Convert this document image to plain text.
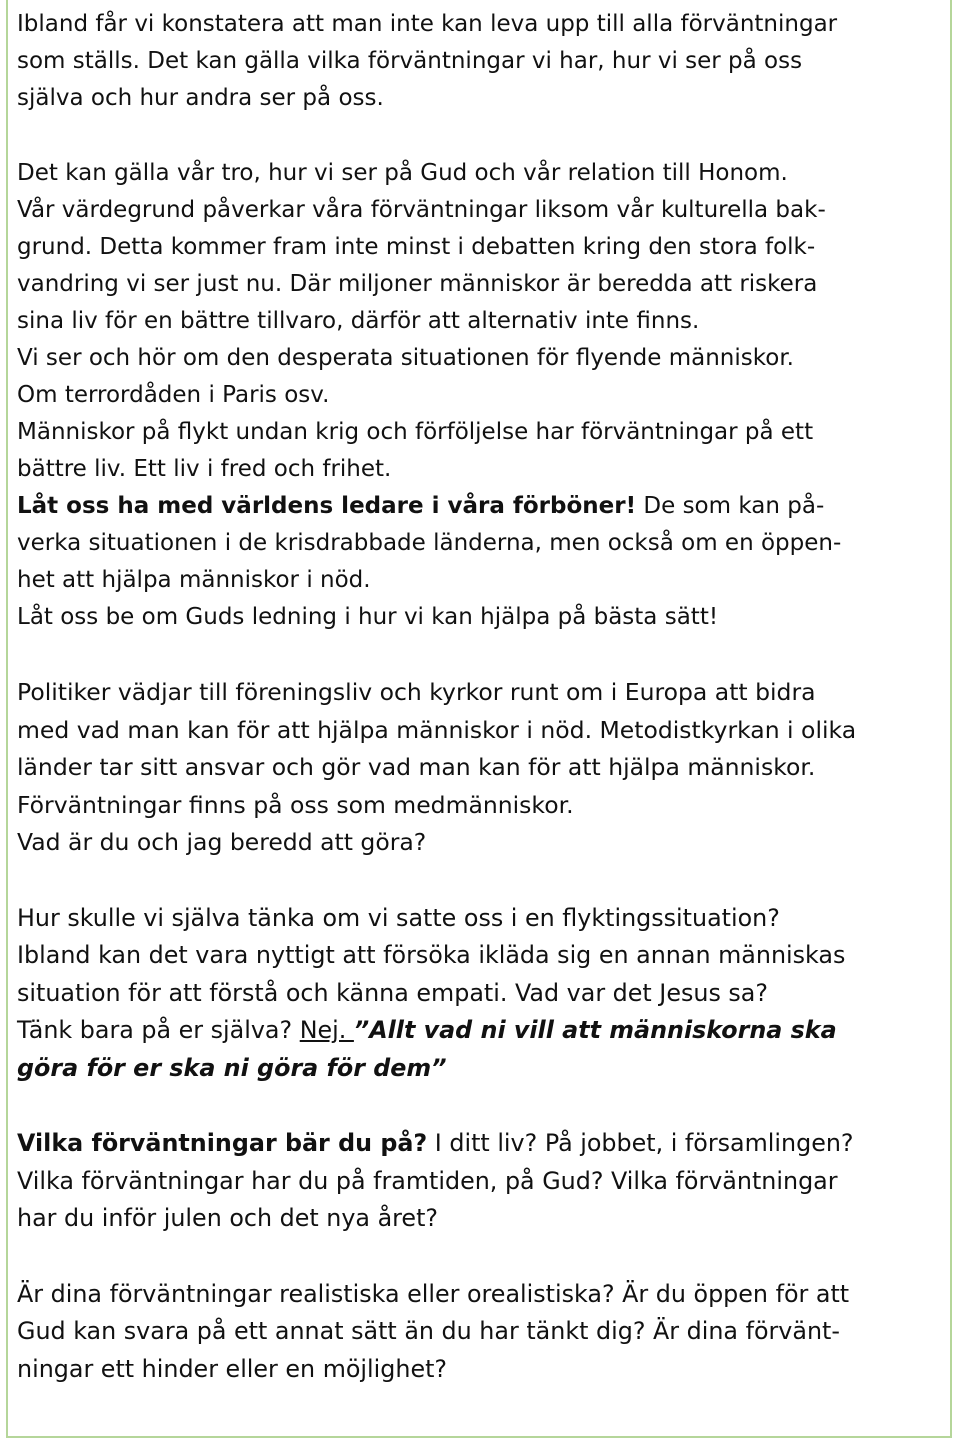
Ibland får vi konstatera att man inte kan leva upp till alla förväntningar
som ställs. Det kan gälla vilka förväntningar vi har, hur vi ser på oss
själva och hur andra ser på oss.
Det kan gälla vår tro, hur vi ser på Gud och vår relation till Honom.
Vår värdegrund påverkar våra förväntningar liksom vår kulturella bak-
grund. Detta kommer fram inte minst i debatten kring den stora folk-
vandring vi ser just nu. Där miljoner människor är beredda att riskera
sina liv för en bättre tillvaro, därför att alternativ inte finns.
Vi ser och hör om den desperata situationen för flyende människor.
Om terrordåden i Paris osv.
Människor på flykt undan krig och förföljelse har förväntningar på ett
bättre liv. Ett liv i fred och frihet.
Låt oss ha med världens ledare i våra förböner! De som kan på-
verka situationen i de krisdrabbade länderna, men också om en öppen-
het att hjälpa människor i nöd.
Låt oss be om Guds ledning i hur vi kan hjälpa på bästa sätt!
Politiker vädjar till föreningsliv och kyrkor runt om i Europa att bidra
med vad man kan för att hjälpa människor i nöd. Metodistkyrkan i olika
länder tar sitt ansvar och gör vad man kan för att hjälpa människor.
Förväntningar finns på oss som medmänniskor.
Vad är du och jag beredd att göra?
Hur skulle vi själva tänka om vi satte oss i en flyktingssituation?
Ibland kan det vara nyttigt att försöka ikläda sig en annan människas
situation för att förstå och känna empati. Vad var det Jesus sa?
Tänk bara på er själva? Nej. ”Allt vad ni vill att människorna ska
göra för er ska ni göra för dem”
Vilka förväntningar bär du på? I ditt liv? På jobbet, i församlingen?
Vilka förväntningar har du på framtiden, på Gud? Vilka förväntningar
har du inför julen och det nya året?
Är dina förväntningar realistiska eller orealistiska? Är du öppen för att
Gud kan svara på ett annat sätt än du har tänkt dig? Är dina förvänt-
ningar ett hinder eller en möjlighet?
